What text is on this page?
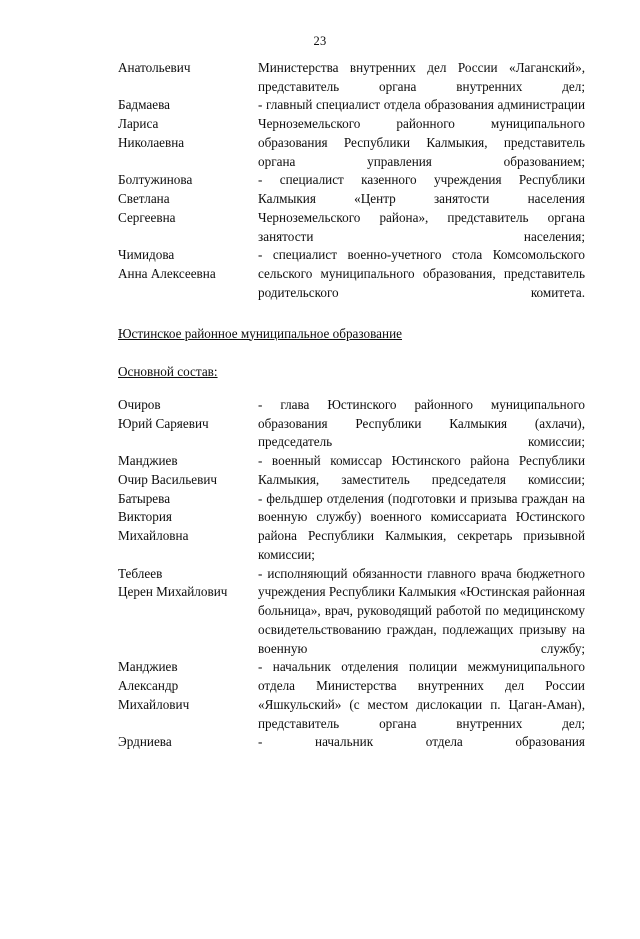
23
Анатольевич	Министерства внутренних дел России «Лаганский», представитель органа внутренних дел;

Бадмаева
Лариса
Николаевна	- главный специалист отдела образования администрации Черноземельского районного муниципального образования Республики Калмыкия, представитель органа управления образованием;

Болтужинова
Светлана
Сергеевна	- специалист казенного учреждения Республики Калмыкия «Центр занятости населения Черноземельского района», представитель органа занятости населения;

Чимидова
Анна Алексеевна	- специалист военно-учетного стола Комсомольского сельского муниципального образования, представитель родительского комитета.
Юстинское районное муниципальное образование
Основной состав:
Очиров
Юрий Саряевич	- глава Юстинского районного муниципального образования Республики Калмыкия (ахлачи), председатель комиссии;

Манджиев
Очир Васильевич	- военный комиссар Юстинского района Республики Калмыкия, заместитель председателя комиссии;

Батырева
Виктория
Михайловна	- фельдшер отделения (подготовки и призыва граждан на военную службу) военного комиссариата Юстинского района Республики Калмыкия, секретарь призывной комиссии;

Теблеев
Церен Михайлович	- исполняющий обязанности главного врача бюджетного учреждения Республики Калмыкия «Юстинская районная больница», врач, руководящий работой по медицинскому освидетельствованию граждан, подлежащих призыву на военную службу;

Манджиев
Александр
Михайлович	- начальник отделения полиции межмуниципального отдела Министерства внутренних дел России «Яшкульский» (с местом дислокации п. Цаган-Аман), представитель органа внутренних дел;

Эрдниева	- начальник отдела образования
